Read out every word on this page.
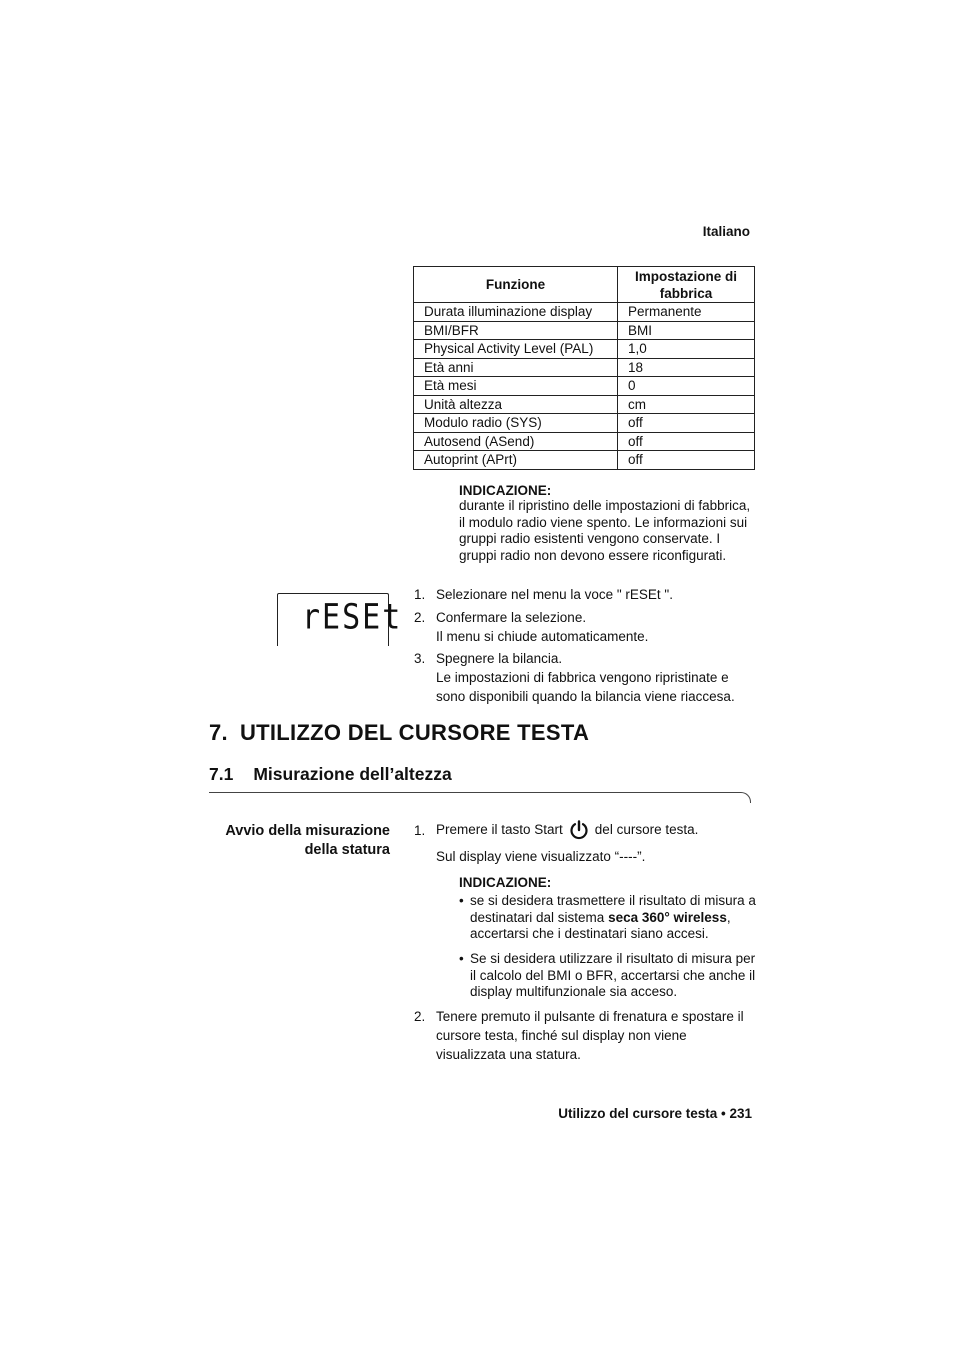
Italiano
Funzione	Impostazione di fabbrica
Durata illuminazione display	Permanente
BMI/BFR	BMI
Physical Activity Level (PAL)	1,0
Età anni	18
Età mesi	0
Unità altezza	cm
Modulo radio (SYS)	off
Autosend (ASend)	off
Autoprint (APrt)	off
INDICAZIONE:
durante il ripristino delle impostazioni di fabbrica, il modulo radio viene spento. Le informazioni sui gruppi radio esistenti vengono conservate. I gruppi radio non devono essere riconfigurati.
rESEt
1. Selezionare nel menu la voce " rESEt ".
2. Confermare la selezione.
Il menu si chiude automaticamente.
3. Spegnere la bilancia.
Le impostazioni di fabbrica vengono ripristinate e sono disponibili quando la bilancia viene riaccesa.
7. UTILIZZO DEL CURSORE TESTA
7.1 Misurazione dell’altezza
Avvio della misurazione
della statura
1. Premere il tasto Start del cursore testa.
Sul display viene visualizzato “----”.
INDICAZIONE:
• se si desidera trasmettere il risultato di misura a destinatari dal sistema seca 360° wireless, accertarsi che i destinatari siano accesi.
• Se si desidera utilizzare il risultato di misura per il calcolo del BMI o BFR, accertarsi che anche il display multifunzionale sia acceso.
2. Tenere premuto il pulsante di frenatura e spostare il cursore testa, finché sul display non viene visualizzata una statura.
Utilizzo del cursore testa • 231
